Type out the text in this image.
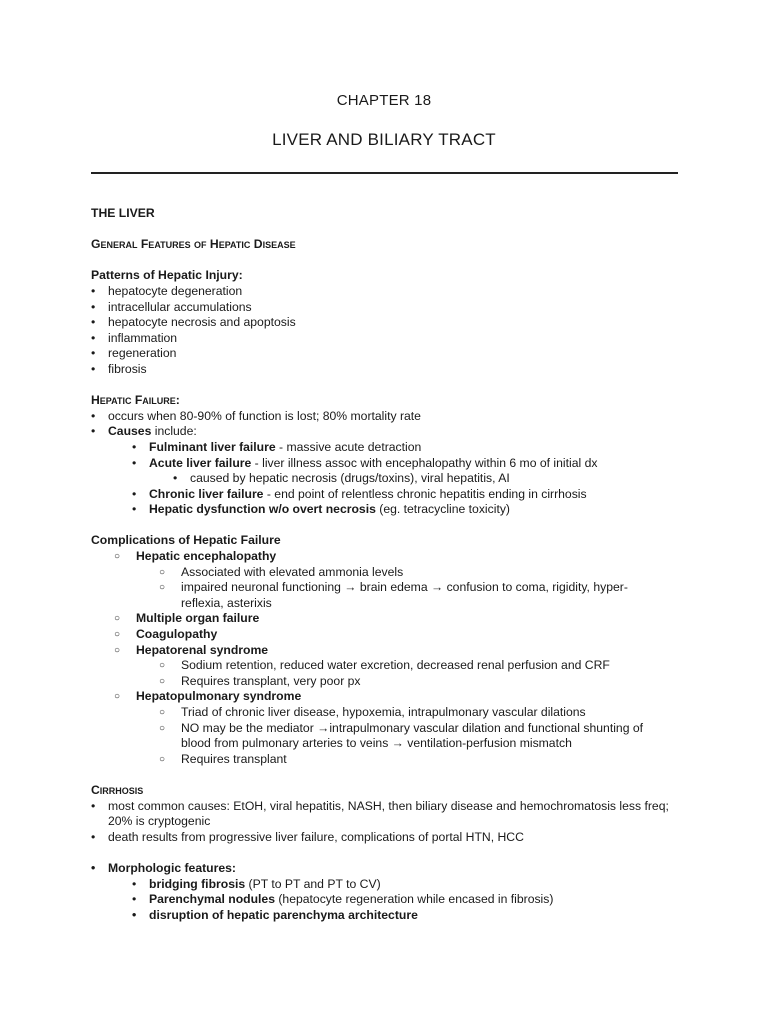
CHAPTER 18
LIVER AND BILIARY TRACT

THE LIVER

General Features of Hepatic Disease

Patterns of Hepatic Injury:

• hepatocyte degeneration
• intracellular accumulations
• hepatocyte necrosis and apoptosis
• inflammation
• regeneration
• fibrosis

Hepatic Failure:

• occurs when 80-90% of function is lost; 80% mortality rate
• Causes include:
• Fulminant liver failure - massive acute detraction
• Acute liver failure - liver illness assoc with encephalopathy within 6 mo of initial dx
• caused by hepatic necrosis (drugs/toxins), viral hepatitis, AI
• Chronic liver failure - end point of relentless chronic hepatitis ending in cirrhosis
• Hepatic dysfunction w/o overt necrosis (eg. tetracycline toxicity)

Complications of Hepatic Failure

○ Hepatic encephalopathy
○ Associated with elevated ammonia levels
○ impaired neuronal functioning → brain edema → confusion to coma, rigidity, hyper-
reflexia, asterixis
○ Multiple organ failure
○ Coagulopathy
○ Hepatorenal syndrome
○ Sodium retention, reduced water excretion, decreased renal perfusion and CRF
○ Requires transplant, very poor px
○ Hepatopulmonary syndrome
○ Triad of chronic liver disease, hypoxemia, intrapulmonary vascular dilations
○ NO may be the mediator →intrapulmonary vascular dilation and functional shunting of
blood from pulmonary arteries to veins → ventilation-perfusion mismatch
○ Requires transplant

Cirrhosis

• most common causes: EtOH, viral hepatitis, NASH, then biliary disease and hemochromatosis less freq;
20% is cryptogenic
• death results from progressive liver failure, complications of portal HTN, HCC
• Morphologic features:
• bridging fibrosis (PT to PT and PT to CV)
• Parenchymal nodules (hepatocyte regeneration while encased in fibrosis)
• disruption of hepatic parenchyma architecture
